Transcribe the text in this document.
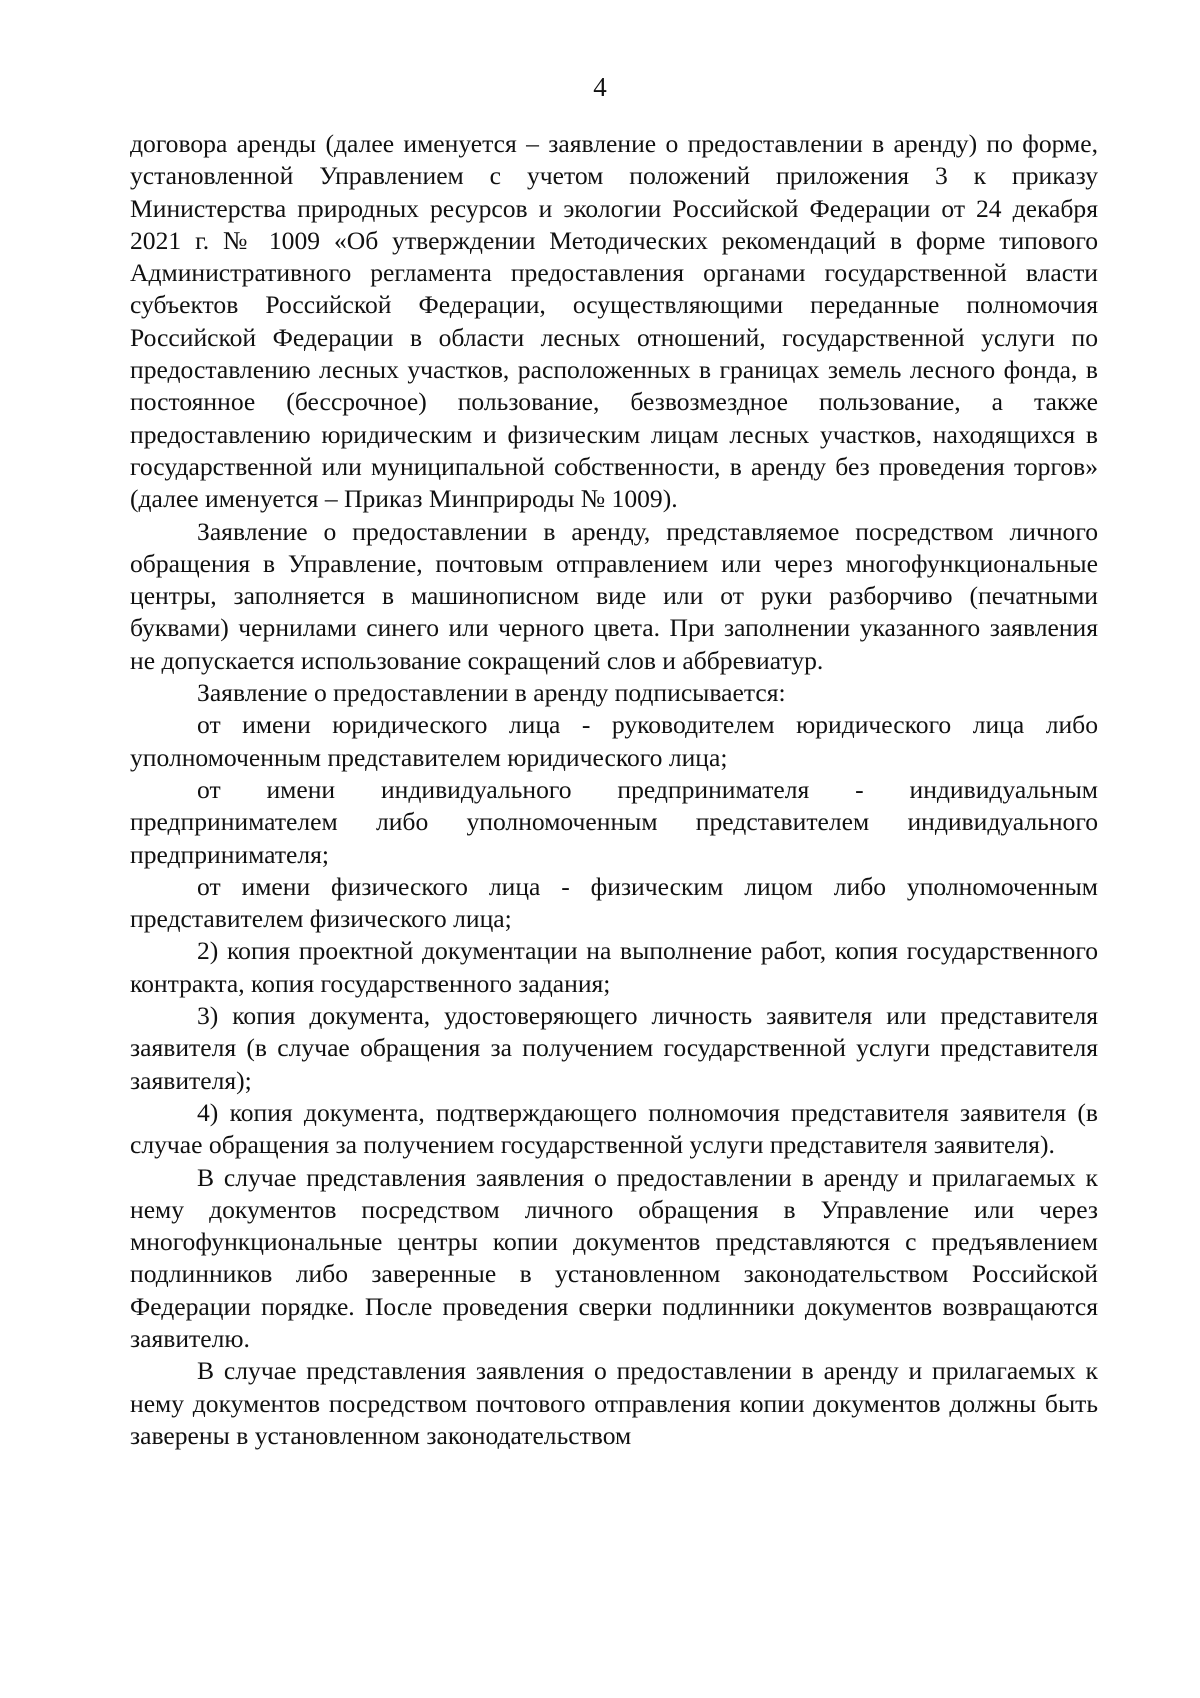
4

договора аренды (далее именуется – заявление о предоставлении в аренду) по форме, установленной Управлением с учетом положений приложения 3 к приказу Министерства природных ресурсов и экологии Российской Федерации от 24 декабря 2021 г. № 1009 «Об утверждении Методических рекомендаций в форме типового Административного регламента предоставления органами государственной власти субъектов Российской Федерации, осуществляющими переданные полномочия Российской Федерации в области лесных отношений, государственной услуги по предоставлению лесных участков, расположенных в границах земель лесного фонда, в постоянное (бессрочное) пользование, безвозмездное пользование, а также предоставлению юридическим и физическим лицам лесных участков, находящихся в государственной или муниципальной собственности, в аренду без проведения торгов» (далее именуется – Приказ Минприроды № 1009).

Заявление о предоставлении в аренду, представляемое посредством личного обращения в Управление, почтовым отправлением или через многофункциональные центры, заполняется в машинописном виде или от руки разборчиво (печатными буквами) чернилами синего или черного цвета. При заполнении указанного заявления не допускается использование сокращений слов и аббревиатур.

Заявление о предоставлении в аренду подписывается:

от имени юридического лица - руководителем юридического лица либо уполномоченным представителем юридического лица;

от имени индивидуального предпринимателя - индивидуальным предпринимателем либо уполномоченным представителем индивидуального предпринимателя;

от имени физического лица - физическим лицом либо уполномоченным представителем физического лица;

2) копия проектной документации на выполнение работ, копия государственного контракта, копия государственного задания;

3) копия документа, удостоверяющего личность заявителя или представителя заявителя (в случае обращения за получением государственной услуги представителя заявителя);

4) копия документа, подтверждающего полномочия представителя заявителя (в случае обращения за получением государственной услуги представителя заявителя).

В случае представления заявления о предоставлении в аренду и прилагаемых к нему документов посредством личного обращения в Управление или через многофункциональные центры копии документов представляются с предъявлением подлинников либо заверенные в установленном законодательством Российской Федерации порядке. После проведения сверки подлинники документов возвращаются заявителю.

В случае представления заявления о предоставлении в аренду и прилагаемых к нему документов посредством почтового отправления копии документов должны быть заверены в установленном законодательством
